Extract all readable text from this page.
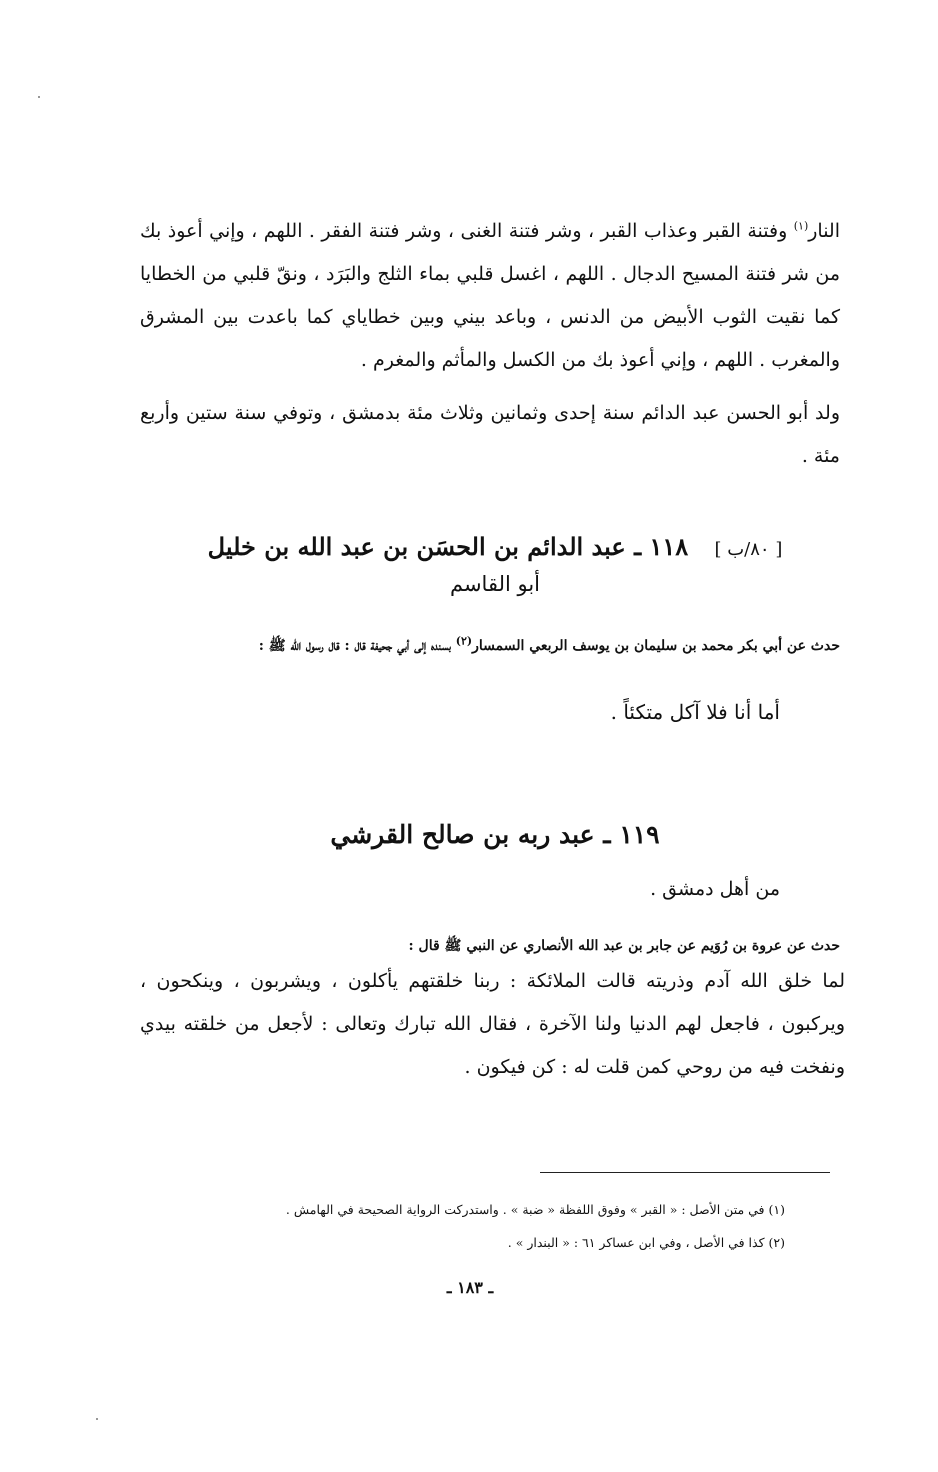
النار$^{(١)}$ وفتنة القبر وعذاب القبر ، وشر فتنة الغنى ، وشر فتنة الفقر . اللهم ، وإني أعوذ بك من شر فتنة المسيح الدجال . اللهم ، اغسل قلبي بماء الثلج والبَرَد ، ونقّ قلبي من الخطايا كما نقيت الثوب الأبيض من الدنس ، وباعد بيني وبين خطاياي كما باعدت بين المشرق والمغرب . اللهم ، وإني أعوذ بك من الكسل والمأثم والمغرم .

ولد أبو الحسن عبد الدائم سنة إحدى وثمانين وثلاث مئة بدمشق ، وتوفي سنة ستين وأربع مئة .

[ ٨٠/ب ] ١١٨ ـ عبد الدائم بن الحسَن بن عبد الله بن خليل
أبو القاسم
حدث عن أبي بكر محمد بن سليمان بن يوسف الربعي السمسار$^{(٢)}$ بسنده إلى أبي جحيفة قال : قال رسول الله ﷺ :
أما أنا فلا آكل متكئاً .
١١٩ ـ عبد ربه بن صالح القرشي
من أهل دمشق .
حدث عن عروة بن رُوَيم عن جابر بن عبد الله الأنصاري عن النبي ﷺ قال :

لما خلق الله آدم وذريته قالت الملائكة : ربنا خلقتهم يأكلون ، ويشربون ، وينكحون ، ويركبون ، فاجعل لهم الدنيا ولنا الآخرة ، فقال الله تبارك وتعالى : لأجعل من خلقته بيدي ونفخت فيه من روحي كمن قلت له : كن فيكون .

(١) في متن الأصل : « القبر » وفوق اللفظة « ضبة » . واستدركت الرواية الصحيحة في الهامش .
(٢) كذا في الأصل ، وفي ابن عساكر ٦١ : « البندار » .
ـ ١٨٣ ـ
